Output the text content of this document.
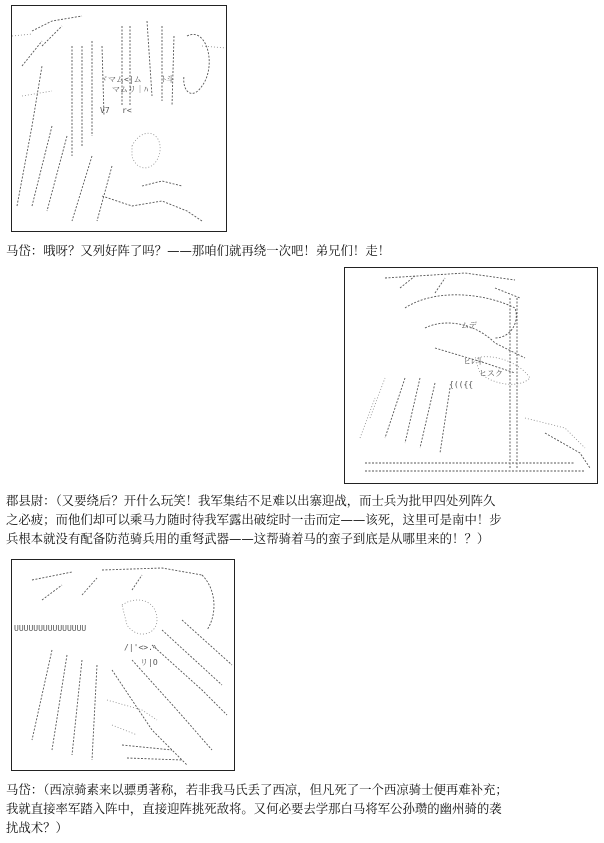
ヾマム<|ム
マムリ｜ﾊ
ﾄ斗
V7 r<
马岱：哦呀？又列好阵了吗？——那咱们就再绕一次吧！弟兄们！走！
ムデ
ヒスク
ヒﾚ斗
{(({{
郡县尉：（又要绕后？开什么玩笑！我军集结不足难以出寨迎战，而士兵为批甲四处列阵久
之必疲；而他们却可以乘马力随时待我军露出破绽时一击而定——该死，这里可是南中！步
兵根本就没有配备防范骑兵用的重弩武器——这帮骑着马的蛮子到底是从哪里来的！？）
UUUUUUUUUUUUUUU
/|'<>.ﾍ
リ|O
马岱：（西凉骑素来以骠勇著称，若非我马氏丢了西凉，但凡死了一个西凉骑士便再难补充；
我就直接率军踏入阵中，直接迎阵挑死敌将。又何必要去学那白马将军公孙瓒的幽州骑的袭
扰战术？）
